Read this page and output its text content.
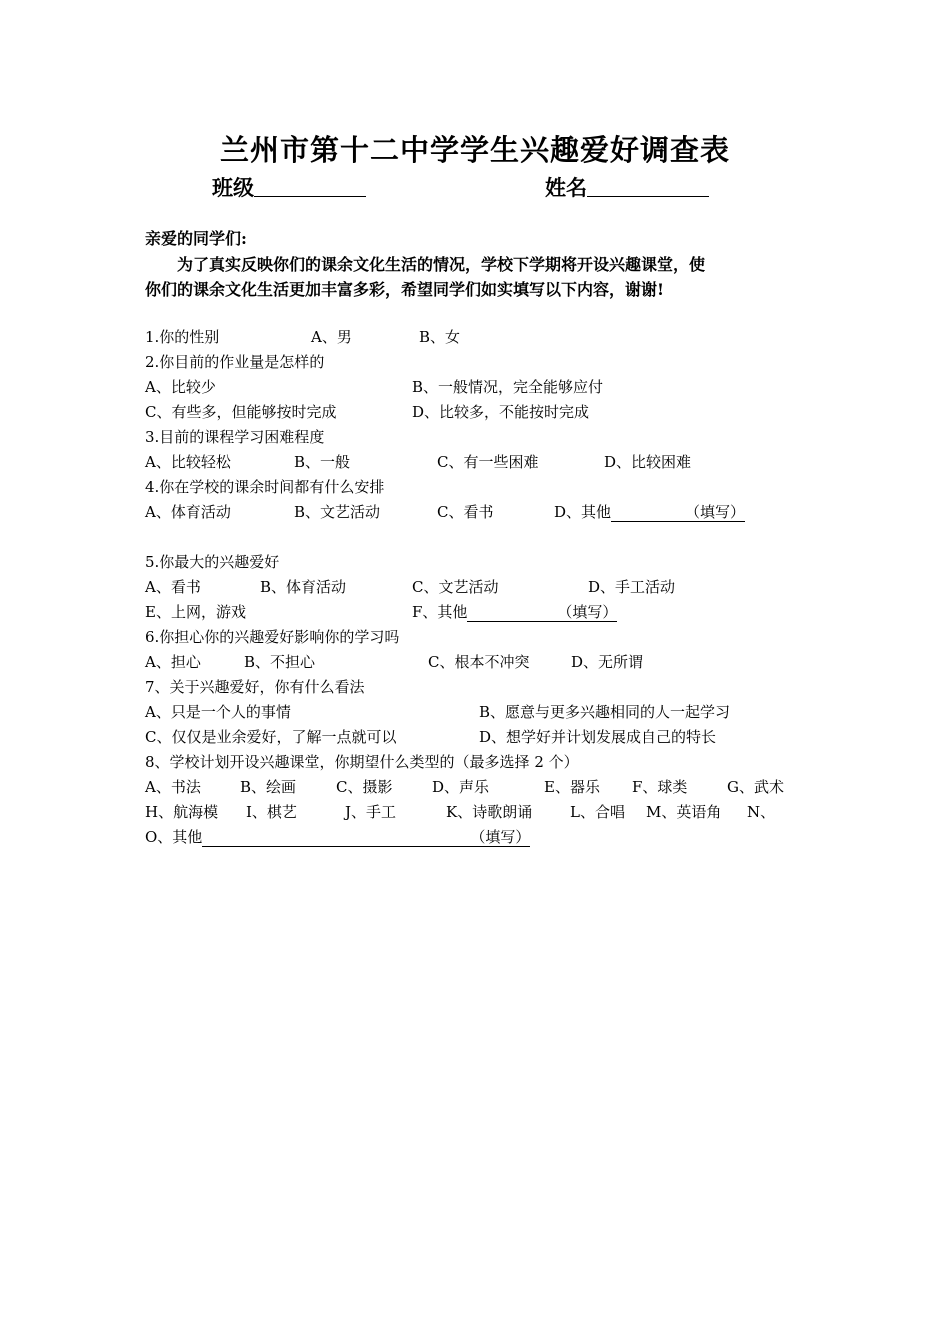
兰州市第十二中学学生兴趣爱好调查表
班级	姓名
亲爱的同学们:
为了真实反映你们的课余文化生活的情况，学校下学期将开设兴趣课堂，使
你们的课余文化生活更加丰富多彩，希望同学们如实填写以下内容，谢谢!
1.你的性别	A、男	B、女
2.你目前的作业量是怎样的
A、比较少	B、一般情况，完全能够应付
C、有些多，但能够按时完成	D、比较多，不能按时完成
3.目前的课程学习困难程度
A、比较轻松	B、一般	C、有一些困难	D、比较困难
4.你在学校的课余时间都有什么安排
A、体育活动	B、文艺活动	C、看书	D、其他	（填写）
5.你最大的兴趣爱好
A、看书	B、体育活动	C、文艺活动	D、手工活动
E、上网，游戏	F、其他	（填写）
6.你担心你的兴趣爱好影响你的学习吗
A、担心	B、不担心	C、根本不冲突	D、无所谓
7、关于兴趣爱好，你有什么看法
A、只是一个人的事情	B、愿意与更多兴趣相同的人一起学习
C、仅仅是业余爱好，了解一点就可以	D、想学好并计划发展成自己的特长
8、学校计划开设兴趣课堂，你期望什么类型的（最多选择 2 个）
A、书法	B、绘画	C、摄影	D、声乐	E、器乐 F、球类	G、武术
H、航海模 I、棋艺	J、手工	K、诗歌朗诵	L、合唱 M、英语角 N、
O、其他	（填写）
